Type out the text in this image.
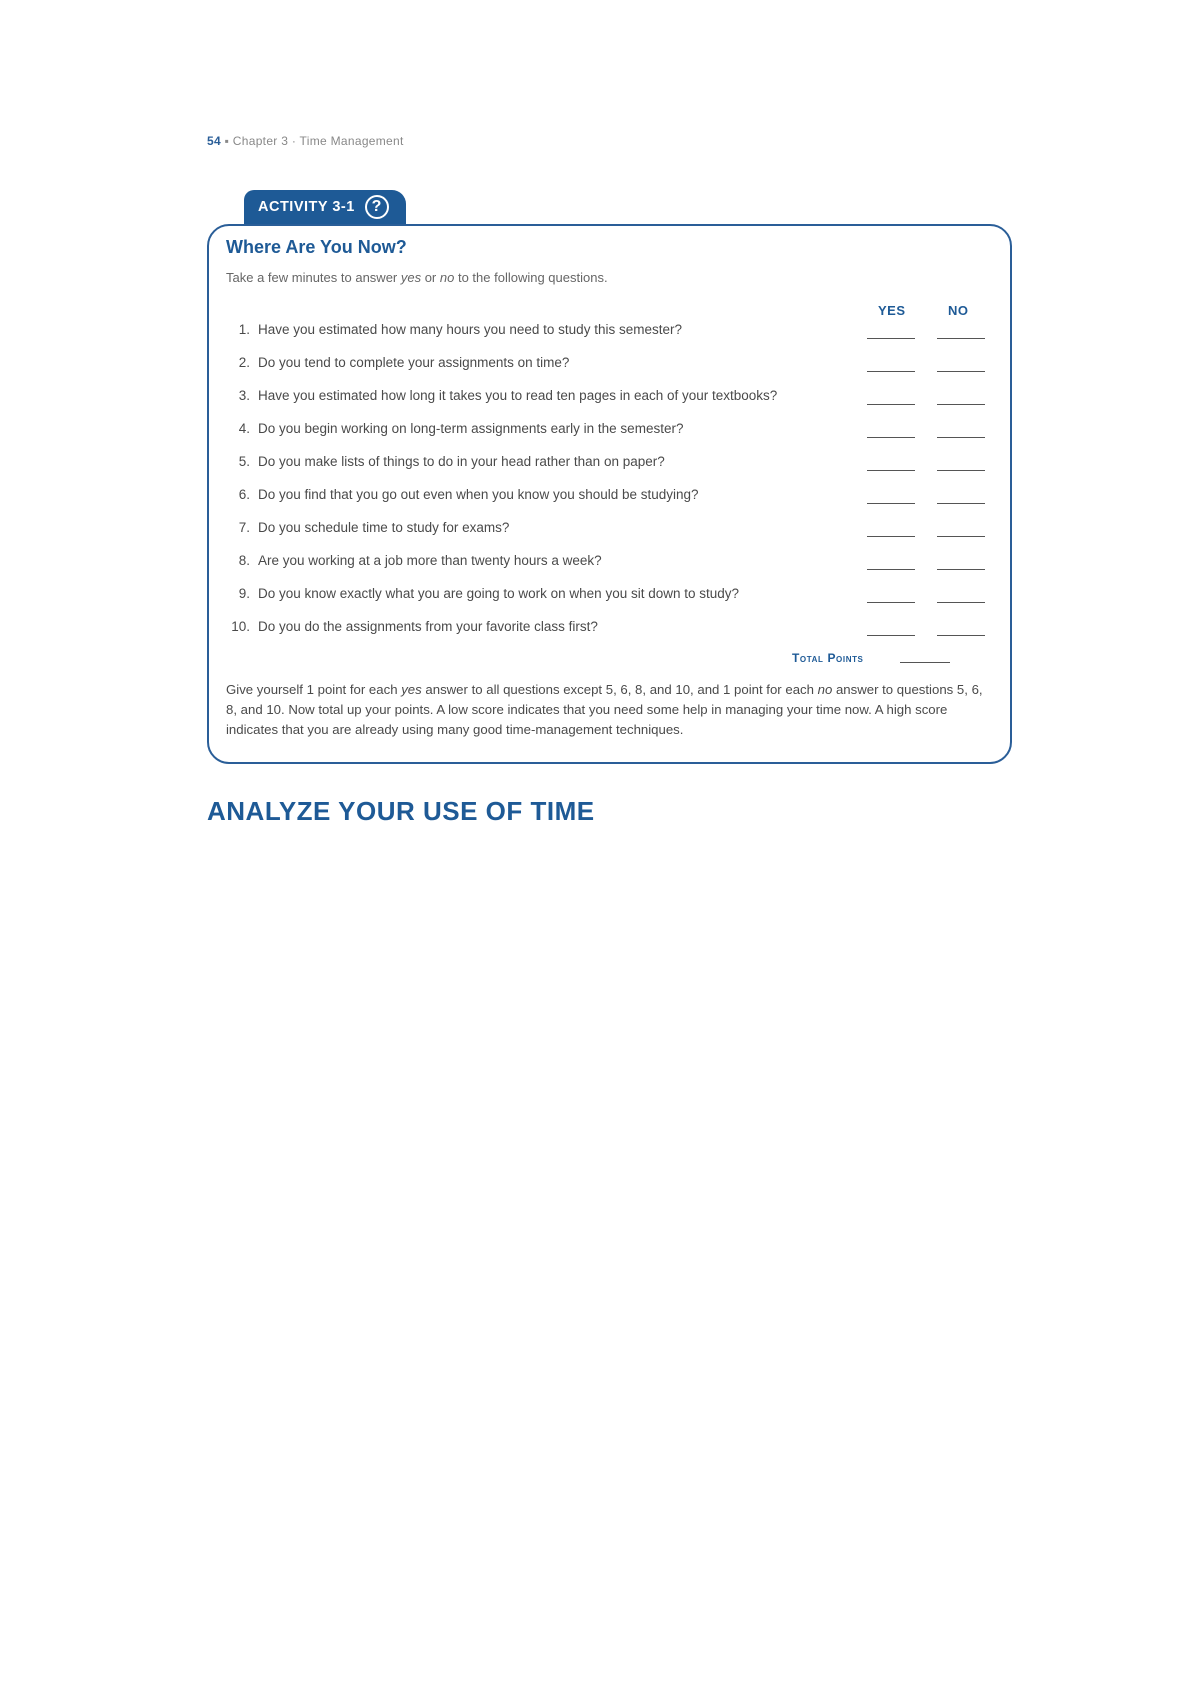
54 ▪ Chapter 3 · Time Management
ACTIVITY 3-1	?
Where Are You Now?
Take a few minutes to answer yes or no to the following questions.
YES	NO
1. Have you estimated how many hours you need to study this semester?
2. Do you tend to complete your assignments on time?
3. Have you estimated how long it takes you to read ten pages in each of your textbooks?
4. Do you begin working on long-term assignments early in the semester?
5. Do you make lists of things to do in your head rather than on paper?
6. Do you find that you go out even when you know you should be studying?
7. Do you schedule time to study for exams?
8. Are you working at a job more than twenty hours a week?
9. Do you know exactly what you are going to work on when you sit down to study?
10. Do you do the assignments from your favorite class first?
Total Points
Give yourself 1 point for each yes answer to all questions except 5, 6, 8, and 10, and 1 point for each no answer to questions 5, 6, 8, and 10. Now total up your points. A low score indicates that you need some help in managing your time now. A high score indicates that you are already using many good time-management techniques.
ANALYZE YOUR USE OF TIME
